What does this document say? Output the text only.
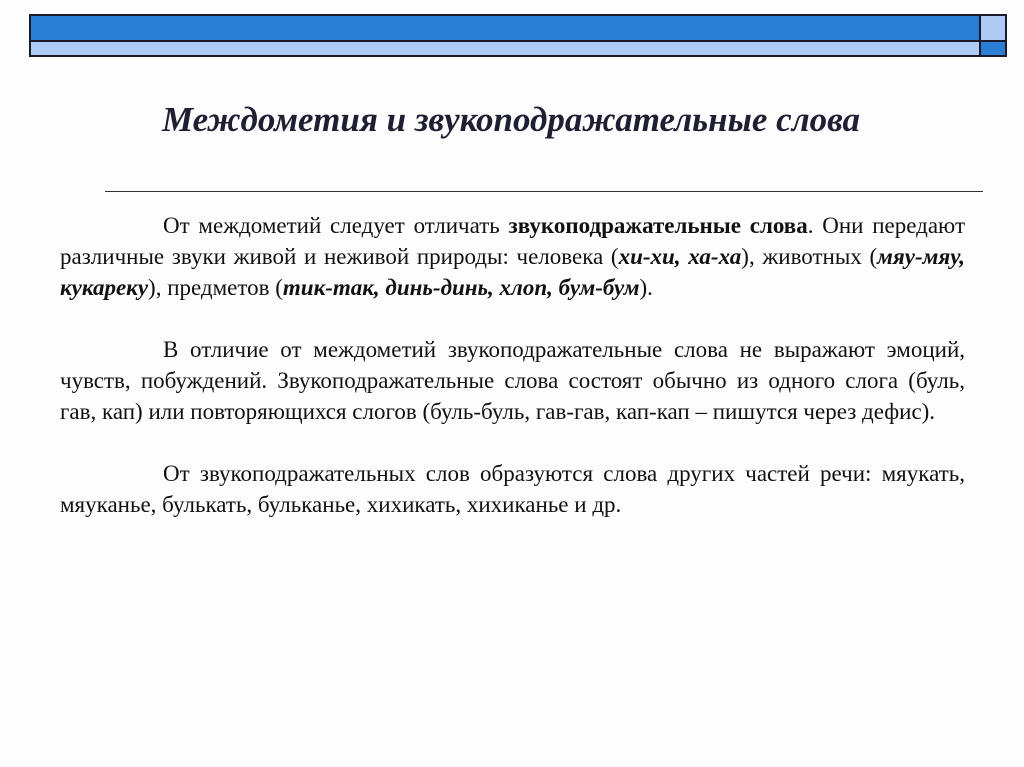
Междометия и звукоподражательные слова

От междометий следует отличать звукоподражательные слова. Они передают различные звуки живой и неживой природы: человека (хи-хи, ха-ха), животных (мяу-мяу, кукареку), предметов (тик-так, динь-динь, хлоп, бум-бум).

В отличие от междометий звукоподражательные слова не выражают эмоций, чувств, побуждений. Звукоподражательные слова состоят обычно из одного слога (буль, гав, кап) или повторяющихся слогов (буль-буль, гав-гав, кап-кап – пишутся через дефис).

От звукоподражательных слов образуются слова других частей речи: мяукать, мяуканье, булькать, бульканье, хихикать, хихиканье и др.
